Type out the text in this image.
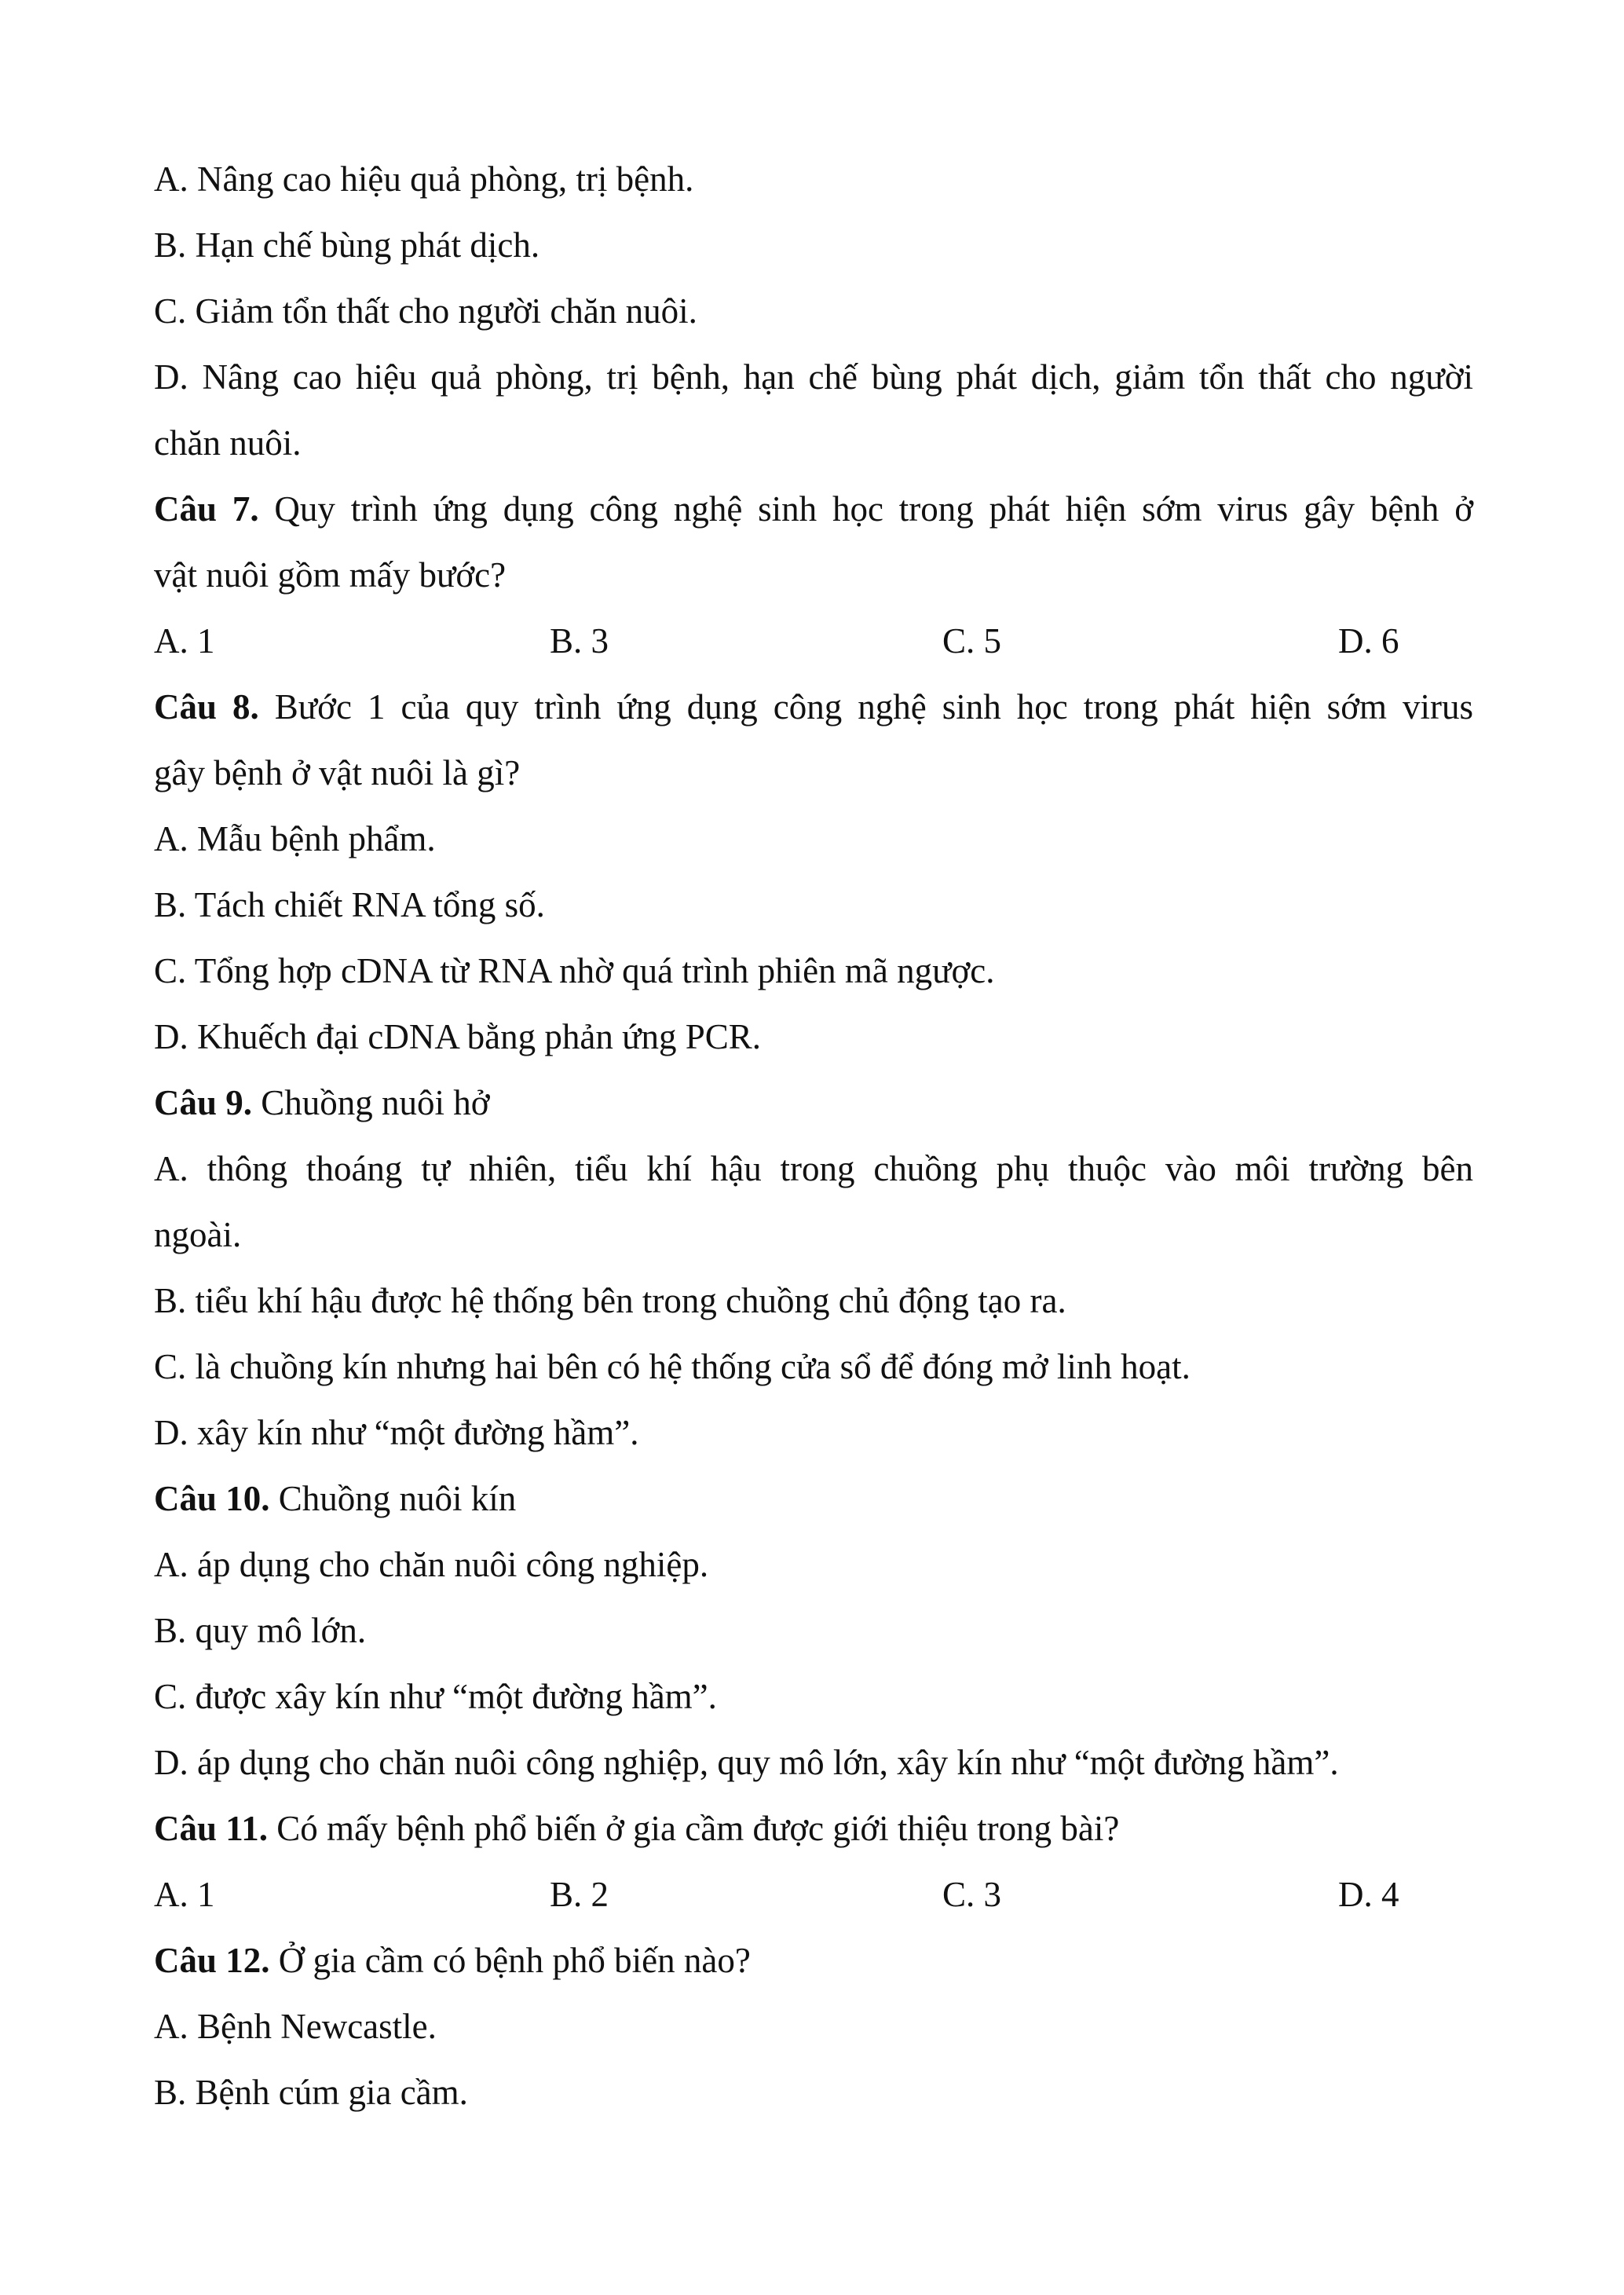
A. Nâng cao hiệu quả phòng, trị bệnh.
B. Hạn chế bùng phát dịch.
C. Giảm tổn thất cho người chăn nuôi.
D. Nâng cao hiệu quả phòng, trị bệnh, hạn chế bùng phát dịch, giảm tổn thất cho người
chăn nuôi.
Câu 7. Quy trình ứng dụng công nghệ sinh học trong phát hiện sớm virus gây bệnh ở
vật nuôi gồm mấy bước?
A. 1	B. 3	C. 5	D. 6
Câu 8. Bước 1 của quy trình ứng dụng công nghệ sinh học trong phát hiện sớm virus
gây bệnh ở vật nuôi là gì?
A. Mẫu bệnh phẩm.
B. Tách chiết RNA tổng số.
C. Tổng hợp cDNA từ RNA nhờ quá trình phiên mã ngược.
D. Khuếch đại cDNA bằng phản ứng PCR.
Câu 9. Chuồng nuôi hở
A. thông thoáng tự nhiên, tiểu khí hậu trong chuồng phụ thuộc vào môi trường bên
ngoài.
B. tiểu khí hậu được hệ thống bên trong chuồng chủ động tạo ra.
C. là chuồng kín nhưng hai bên có hệ thống cửa sổ để đóng mở linh hoạt.
D. xây kín như “một đường hầm”.
Câu 10. Chuồng nuôi kín
A. áp dụng cho chăn nuôi công nghiệp.
B. quy mô lớn.
C. được xây kín như “một đường hầm”.
D. áp dụng cho chăn nuôi công nghiệp, quy mô lớn, xây kín như “một đường hầm”.
Câu 11. Có mấy bệnh phổ biến ở gia cầm được giới thiệu trong bài?
A. 1	B. 2	C. 3	D. 4
Câu 12. Ở gia cầm có bệnh phổ biến nào?
A. Bệnh Newcastle.
B. Bệnh cúm gia cầm.
